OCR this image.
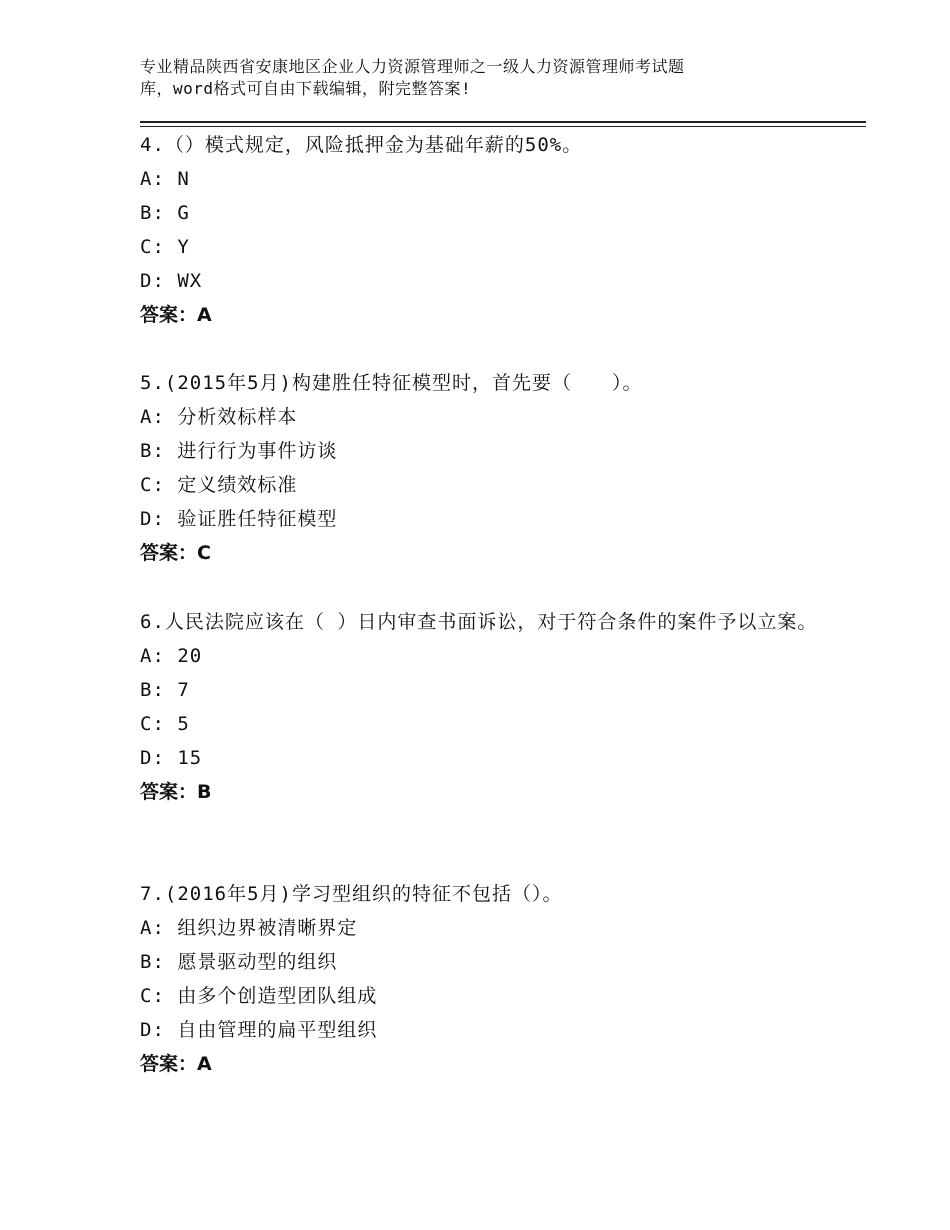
专业精品陕西省安康地区企业人力资源管理师之一级人力资源管理师考试题
库，word格式可自由下载编辑，附完整答案!
4.（）模式规定，风险抵押金为基础年薪的50%。
A: N
B: G
C: Y
D: WX
答案：A
5.(2015年5月)构建胜任特征模型时，首先要（　　）。
A: 分析效标样本
B: 进行行为事件访谈
C: 定义绩效标准
D: 验证胜任特征模型
答案：C
6.人民法院应该在（ ）日内审查书面诉讼，对于符合条件的案件予以立案。
A: 20
B: 7
C: 5
D: 15
答案：B
7.(2016年5月)学习型组织的特征不包括（）。
A: 组织边界被清晰界定
B: 愿景驱动型的组织
C: 由多个创造型团队组成
D: 自由管理的扁平型组织
答案：A
